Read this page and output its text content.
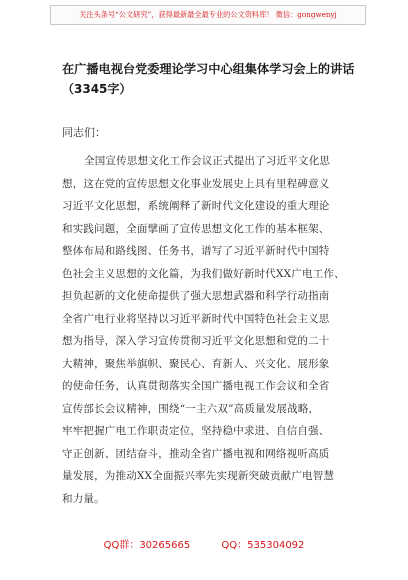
关注头条号“公文研究”，获得最新最全最专业的公文资料库！ 微信：gongwenyj
在广播电视台党委理论学习中心组集体学习会上的讲话
（3345字）
同志们：
全国宣传思想文化工作会议正式提出了习近平文化思
想，这在党的宣传思想文化事业发展史上具有里程碑意义
习近平文化思想，系统阐释了新时代文化建设的重大理论
和实践问题，全面擘画了宣传思想文化工作的基本框架、
整体布局和路线图、任务书，谱写了习近平新时代中国特
色社会主义思想的文化篇，为我们做好新时代XX广电工作、
担负起新的文化使命提供了强大思想武器和科学行动指南
全省广电行业将坚持以习近平新时代中国特色社会主义思
想为指导，深入学习宣传贯彻习近平文化思想和党的二十
大精神，聚焦举旗帜、聚民心、育新人、兴文化、展形象
的使命任务，认真贯彻落实全国广播电视工作会议和全省
宣传部长会议精神，围绕“一主六双”高质量发展战略，
牢牢把握广电工作职责定位，坚持稳中求进、自信自强、
守正创新、团结奋斗，推动全省广播电视和网络视听高质
量发展，为推动XX全面振兴率先实现新突破贡献广电智慧
和力量。
QQ群：30265665	QQ：535304092
